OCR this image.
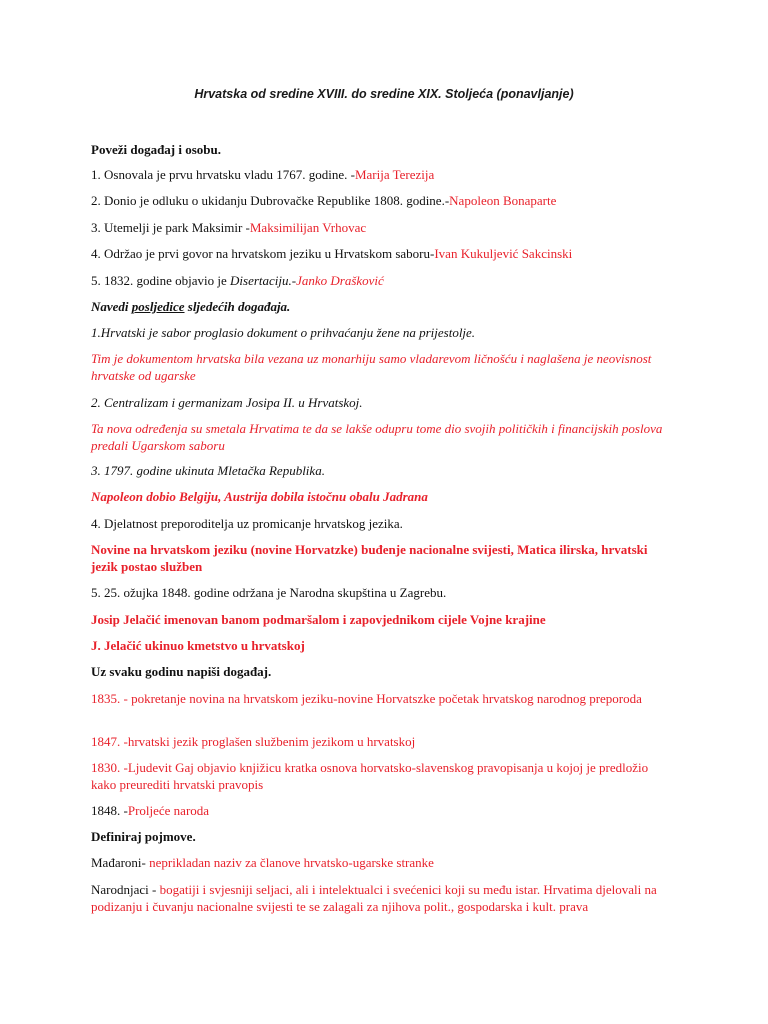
Hrvatska od sredine XVIII. do sredine XIX. Stoljeća (ponavljanje)
Poveži događaj i osobu.
1. Osnovala je prvu hrvatsku vladu 1767. godine. -Marija Terezija
2. Donio je odluku o ukidanju Dubrovačke Republike 1808. godine.-Napoleon Bonaparte
3. Utemelji je park Maksimir -Maksimilijan Vrhovac
4. Održao je prvi govor na hrvatskom jeziku u Hrvatskom saboru-Ivan Kukuljević Sakcinski
5. 1832. godine objavio je Disertaciju.-Janko Drašković
Navedi posljedice sljedećih događaja.
1.Hrvatski je sabor proglasio dokument o prihvaćanju žene na prijestolje.
Tim je dokumentom hrvatska bila vezana uz monarhiju samo vladarevom ličnošću i naglašena je neovisnost hrvatske od ugarske
2. Centralizam i germanizam Josipa II. u Hrvatskoj.
Ta nova određenja su smetala Hrvatima te da se lakše odupru tome dio svojih političkih i financijskih poslova predali Ugarskom saboru
3. 1797. godine ukinuta Mletačka Republika.
Napoleon dobio Belgiju, Austrija dobila istočnu obalu Jadrana
4. Djelatnost preporoditelja uz promicanje hrvatskog jezika.
Novine na hrvatskom jeziku (novine Horvatzke) buđenje nacionalne svijesti, Matica ilirska, hrvatski jezik postao služben
5. 25. ožujka 1848. godine održana je Narodna skupština u Zagrebu.
Josip Jelačić imenovan banom podmaršalom i zapovjednikom cijele Vojne krajine
J. Jelačić ukinuo kmetstvo u hrvatskoj
Uz svaku godinu napiši događaj.
1835. - pokretanje novina na hrvatskom jeziku-novine Horvatszke početak hrvatskog narodnog preporoda
1847. -hrvatski jezik proglašen službenim jezikom u hrvatskoj
1830. -Ljudevit Gaj objavio knjižicu kratka osnova horvatsko-slavenskog pravopisanja u kojoj je predložio kako preurediti hrvatski pravopis
1848. -Proljeće naroda
Definiraj pojmove.
Mađaroni- neprikladan naziv za članove hrvatsko-ugarske stranke
Narodnjaci - bogatiji i svjesniji seljaci, ali i intelektualci i svećenici koji su među istar. Hrvatima djelovali na podizanju i čuvanju nacionalne svijesti te se zalagali za njihova polit., gospodarska i kult. prava
